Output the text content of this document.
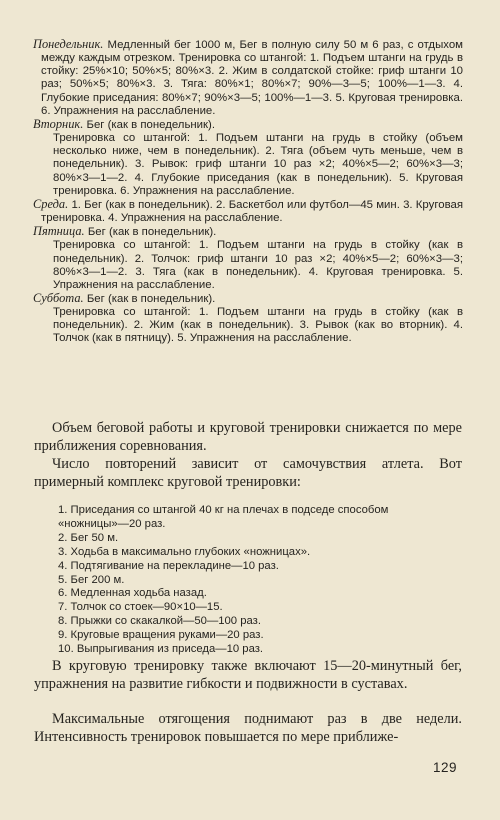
Понедельник. Медленный бег 1000 м, Бег в полную силу 50 м 6 раз, с отдыхом между каждым отрезком. Тренировка со штангой: 1. Подъем штанги на грудь в стойку: 25%×10; 50%×5; 80%×3. 2. Жим в солдатской стойке: гриф штанги 10 раз; 50%×5; 80%×3. 3. Тяга: 80%×1; 80%×7; 90%—3—5; 100%—1—3. 4. Глубокие приседания: 80%×7; 90%×3—5; 100%—1—3. 5. Круговая тренировка. 6. Упражнения на расслабление.

Вторник. Бег (как в понедельник).
Тренировка со штангой: 1. Подъем штанги на грудь в стойку (объем несколько ниже, чем в понедельник). 2. Тяга (объем чуть меньше, чем в понедельник). 3. Рывок: гриф штанги 10 раз ×2; 40%×5—2; 60%×3—3; 80%×3—1—2. 4. Глубокие приседания (как в понедельник). 5. Круговая тренировка. 6. Упражнения на расслабление.

Среда. 1. Бег (как в понедельник). 2. Баскетбол или футбол—45 мин. 3. Круговая тренировка. 4. Упражнения на расслабление.

Пятница. Бег (как в понедельник).
Тренировка со штангой: 1. Подъем штанги на грудь в стойку (как в понедельник). 2. Толчок: гриф штанги 10 раз ×2; 40%×5—2; 60%×3—3; 80%×3—1—2. 3. Тяга (как в понедельник). 4. Круговая тренировка. 5. Упражнения на расслабление.

Суббота. Бег (как в понедельник).
Тренировка со штангой: 1. Подъем штанги на грудь в стойку (как в понедельник). 2. Жим (как в понедельник). 3. Рывок (как во вторник). 4. Толчок (как в пятницу). 5. Упражнения на расслабление.

Объем беговой работы и круговой тренировки снижается по мере приближения соревнования.

Число повторений зависит от самочувствия атлета. Вот примерный комплекс круговой тренировки:

1. Приседания со штангой 40 кг на плечах в подседе способом «ножницы»—20 раз.
2. Бег 50 м.
3. Ходьба в максимально глубоких «ножницах».
4. Подтягивание на перекладине—10 раз.
5. Бег 200 м.
6. Медленная ходьба назад.
7. Толчок со стоек—90×10—15.
8. Прыжки со скакалкой—50—100 раз.
9. Круговые вращения руками—20 раз.
10. Выпрыгивания из приседа—10 раз.

В круговую тренировку также включают 15—20-минутный бег, упражнения на развитие гибкости и подвижности в суставах.

Максимальные отягощения поднимают раз в две недели. Интенсивность тренировок повышается по мере приближе-

129
